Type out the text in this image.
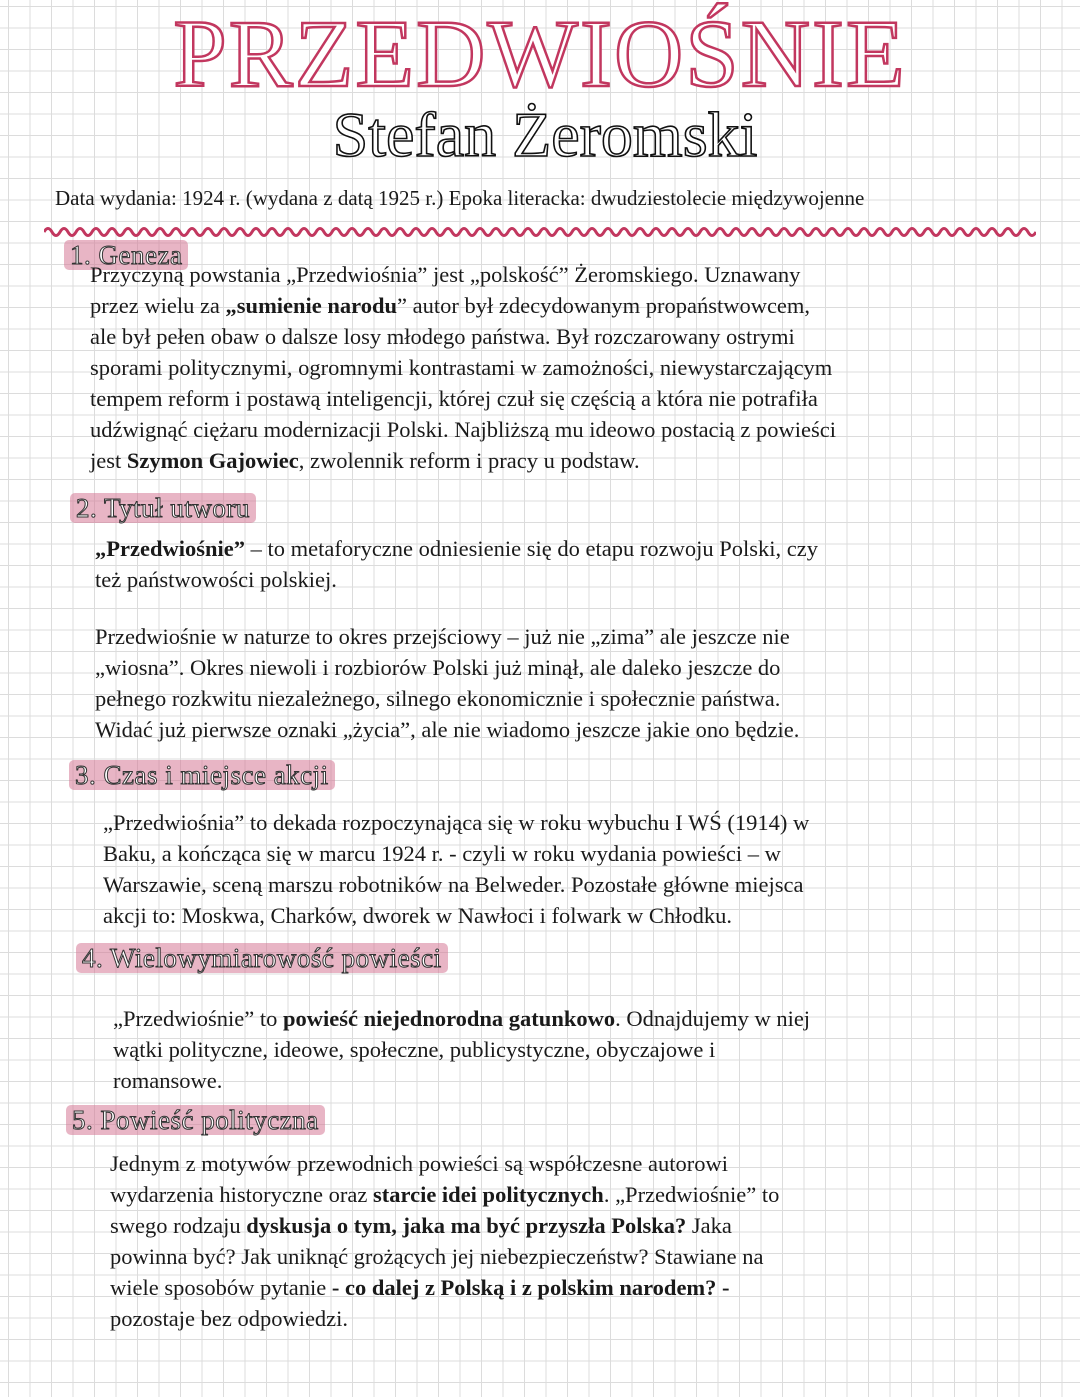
PRZEDWIOŚNIE
Stefan Żeromski
Data wydania: 1924 r. (wydana z datą 1925 r.) Epoka literacka: dwudziestolecie międzywojenne
1. Geneza
Przyczyną powstania „Przedwiośnia” jest „polskość” Żeromskiego. Uznawany
przez wielu za „sumienie narodu” autor był zdecydowanym propaństwowcem,
ale był pełen obaw o dalsze losy młodego państwa. Był rozczarowany ostrymi
sporami politycznymi, ogromnymi kontrastami w zamożności, niewystarczającym
tempem reform i postawą inteligencji, której czuł się częścią a która nie potrafiła
udźwignąć ciężaru modernizacji Polski. Najbliższą mu ideowo postacią z powieści
jest Szymon Gajowiec, zwolennik reform i pracy u podstaw.
2. Tytuł utworu
„Przedwiośnie” – to metaforyczne odniesienie się do etapu rozwoju Polski, czy
też państwowości polskiej.
Przedwiośnie w naturze to okres przejściowy – już nie „zima” ale jeszcze nie
„wiosna”. Okres niewoli i rozbiorów Polski już minął, ale daleko jeszcze do
pełnego rozkwitu niezależnego, silnego ekonomicznie i społecznie państwa.
Widać już pierwsze oznaki „życia”, ale nie wiadomo jeszcze jakie ono będzie.
3. Czas i miejsce akcji
„Przedwiośnia” to dekada rozpoczynająca się w roku wybuchu I WŚ (1914) w
Baku, a kończąca się w marcu 1924 r. - czyli w roku wydania powieści – w
Warszawie, sceną marszu robotników na Belweder. Pozostałe główne miejsca
akcji to: Moskwa, Charków, dworek w Nawłoci i folwark w Chłodku.
4. Wielowymiarowość powieści
„Przedwiośnie” to powieść niejednorodna gatunkowo. Odnajdujemy w niej
wątki polityczne, ideowe, społeczne, publicystyczne, obyczajowe i
romansowe.
5. Powieść polityczna
Jednym z motywów przewodnich powieści są współczesne autorowi
wydarzenia historyczne oraz starcie idei politycznych. „Przedwiośnie” to
swego rodzaju dyskusja o tym, jaka ma być przyszła Polska? Jaka
powinna być? Jak uniknąć grożących jej niebezpieczeństw? Stawiane na
wiele sposobów pytanie - co dalej z Polską i z polskim narodem? -
pozostaje bez odpowiedzi.
